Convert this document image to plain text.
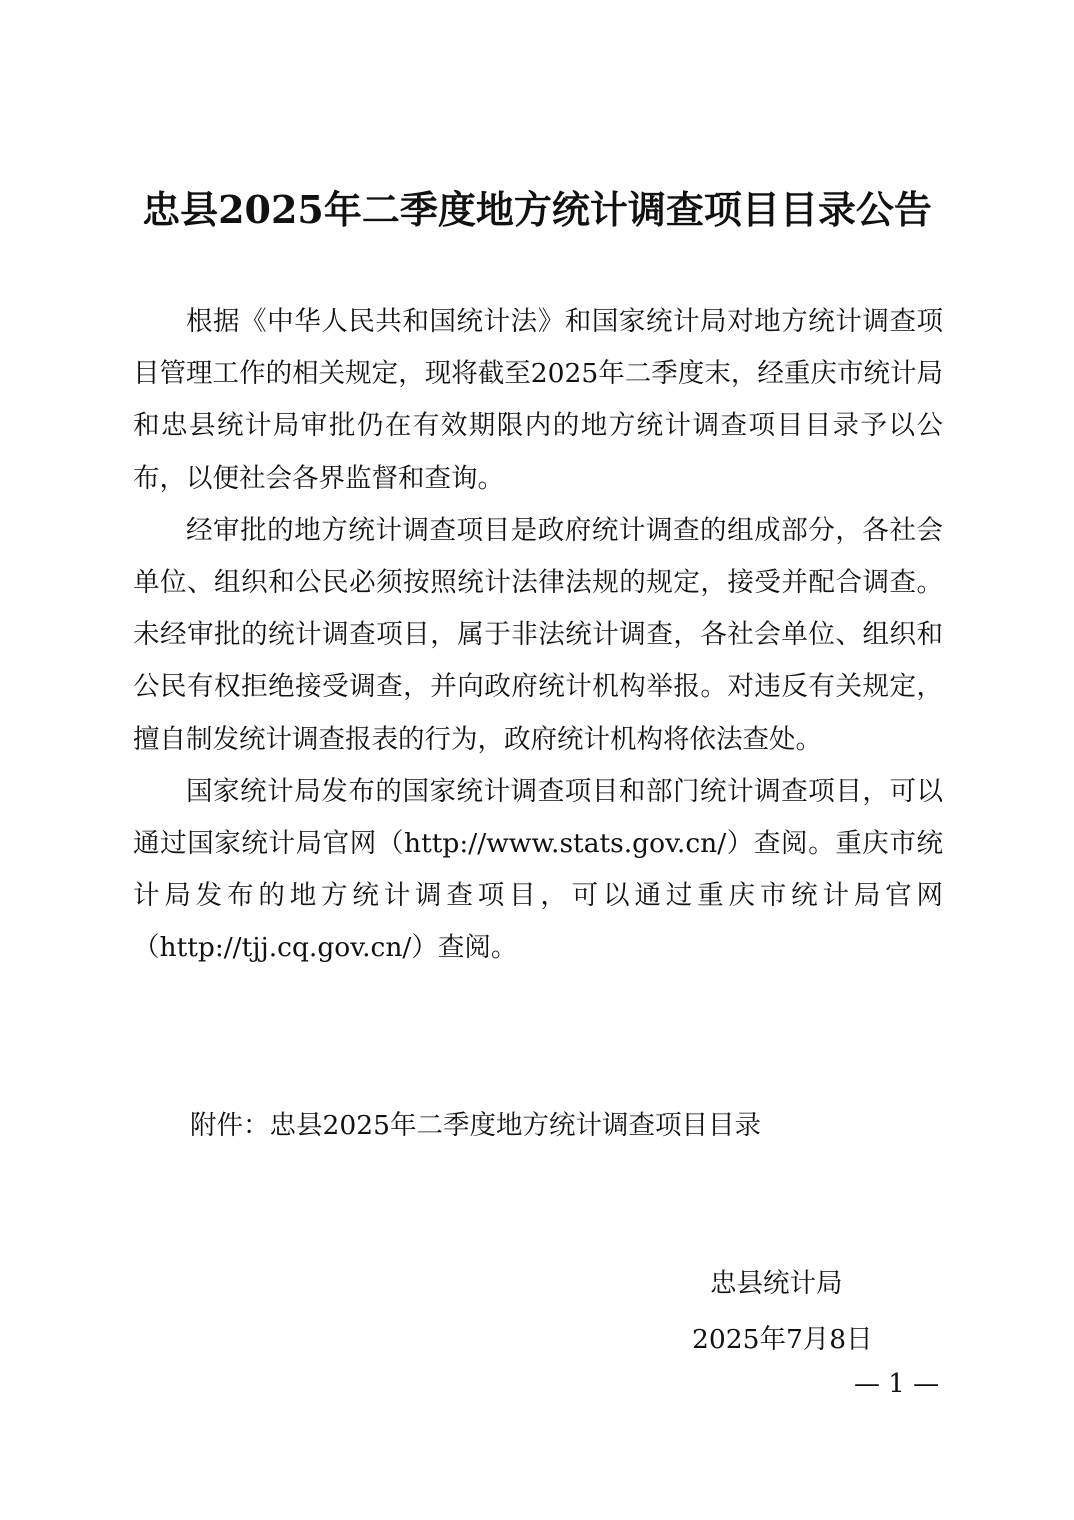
忠县2025年二季度地方统计调查项目目录公告

根据《中华人民共和国统计法》和国家统计局对地方统计调查项目管理工作的相关规定，现将截至2025年二季度末，经重庆市统计局和忠县统计局审批仍在有效期限内的地方统计调查项目目录予以公布，以便社会各界监督和查询。

经审批的地方统计调查项目是政府统计调查的组成部分，各社会单位、组织和公民必须按照统计法律法规的规定，接受并配合调查。未经审批的统计调查项目，属于非法统计调查，各社会单位、组织和公民有权拒绝接受调查，并向政府统计机构举报。对违反有关规定，擅自制发统计调查报表的行为，政府统计机构将依法查处。

国家统计局发布的国家统计调查项目和部门统计调查项目，可以通过国家统计局官网（http://www.stats.gov.cn/）查阅。重庆市统计局发布的地方统计调查项目，可以通过重庆市统计局官网（http://tjj.cq.gov.cn/）查阅。

附件：忠县2025年二季度地方统计调查项目目录
忠县统计局
2025年7月8日
— 1 —
